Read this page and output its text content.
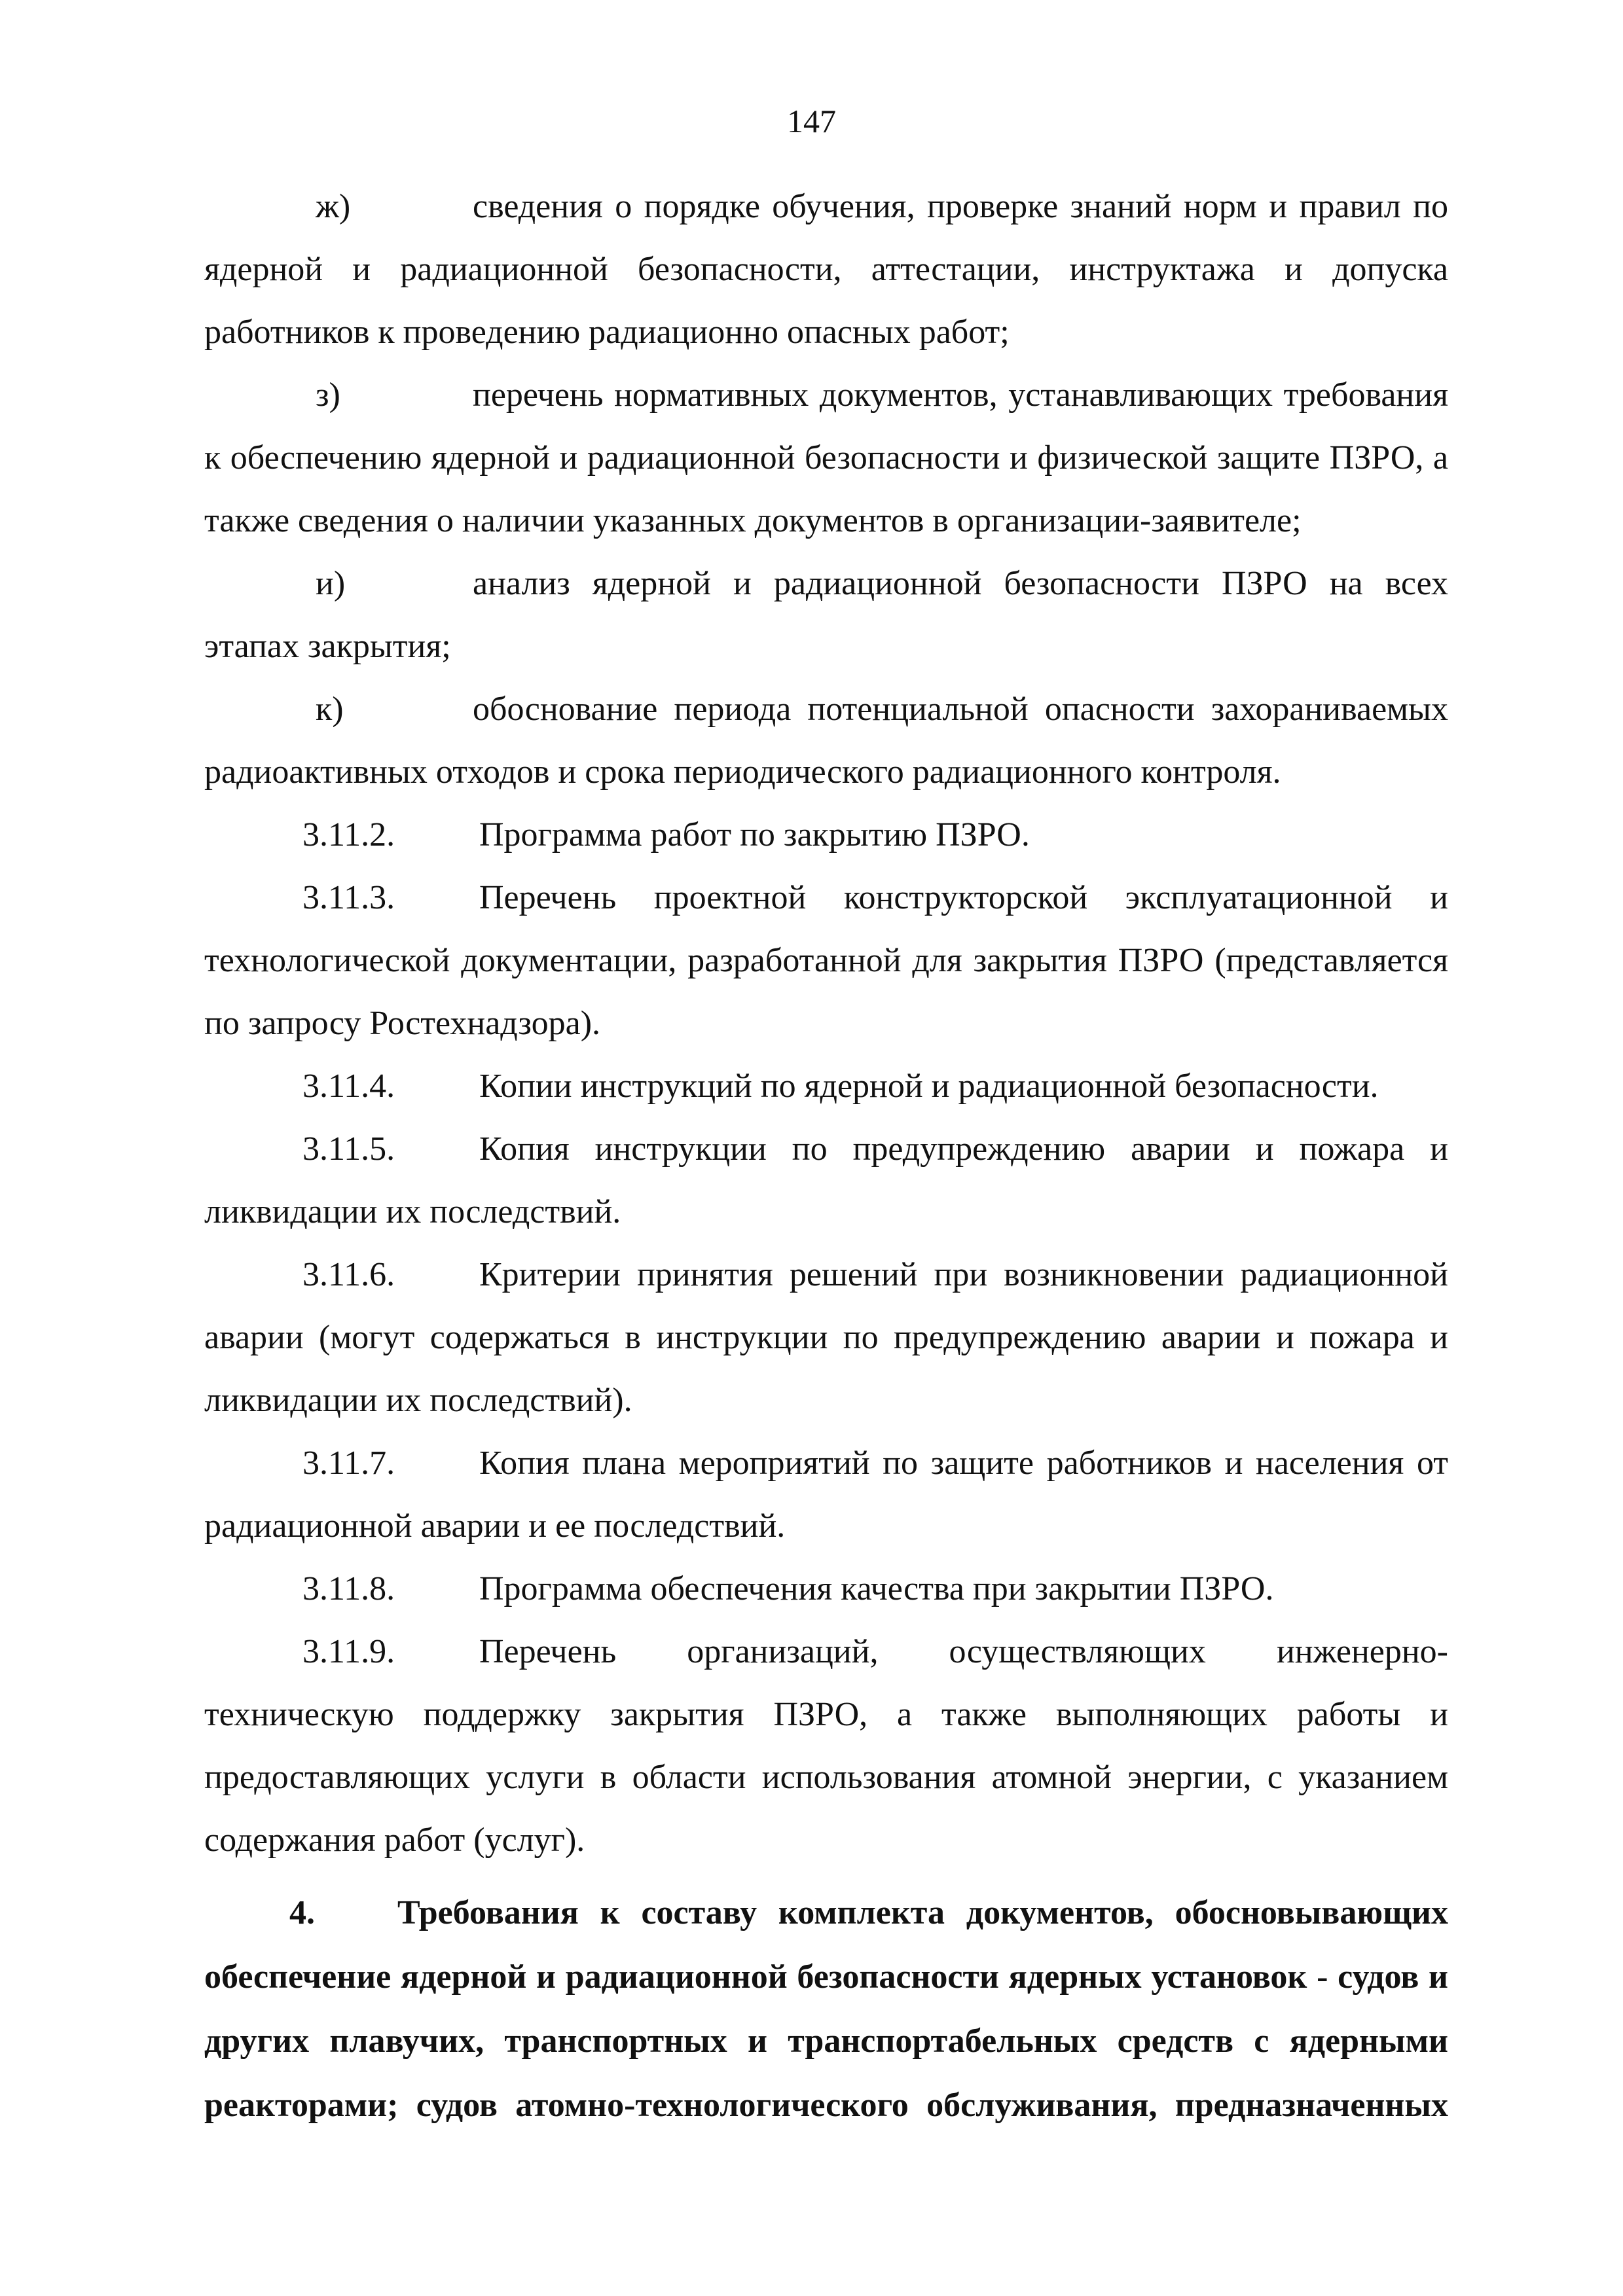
147

ж)	сведения о порядке обучения, проверке знаний норм и правил по ядерной и радиационной безопасности, аттестации, инструктажа и допуска работников к проведению радиационно опасных работ;

з)	перечень нормативных документов, устанавливающих требования к обеспечению ядерной и радиационной безопасности и физической защите ПЗРО, а также сведения о наличии указанных документов в организации-заявителе;

и)	анализ ядерной и радиационной безопасности ПЗРО на всех этапах закрытия;

к)	обоснование периода потенциальной опасности захораниваемых радиоактивных отходов и срока периодического радиационного контроля.

3.11.2. Программа работ по закрытию ПЗРО.

3.11.3. Перечень проектной конструкторской эксплуатационной и технологической документации, разработанной для закрытия ПЗРО (представляется по запросу Ростехнадзора).

3.11.4. Копии инструкций по ядерной и радиационной безопасности.

3.11.5. Копия инструкции по предупреждению аварии и пожара и ликвидации их последствий.

3.11.6. Критерии принятия решений при возникновении радиационной аварии (могут содержаться в инструкции по предупреждению аварии и пожара и ликвидации их последствий).

3.11.7. Копия плана мероприятий по защите работников и населения от радиационной аварии и ее последствий.

3.11.8. Программа обеспечения качества при закрытии ПЗРО.

3.11.9. Перечень организаций, осуществляющих инженерно-техническую поддержку закрытия ПЗРО, а также выполняющих работы и предоставляющих услуги в области использования атомной энергии, с указанием содержания работ (услуг).

4. Требования к составу комплекта документов, обосновывающих обеспечение ядерной и радиационной безопасности ядерных установок - судов и других плавучих, транспортных и транспортабельных средств с ядерными реакторами; судов атомно-технологического обслуживания, предназначенных
